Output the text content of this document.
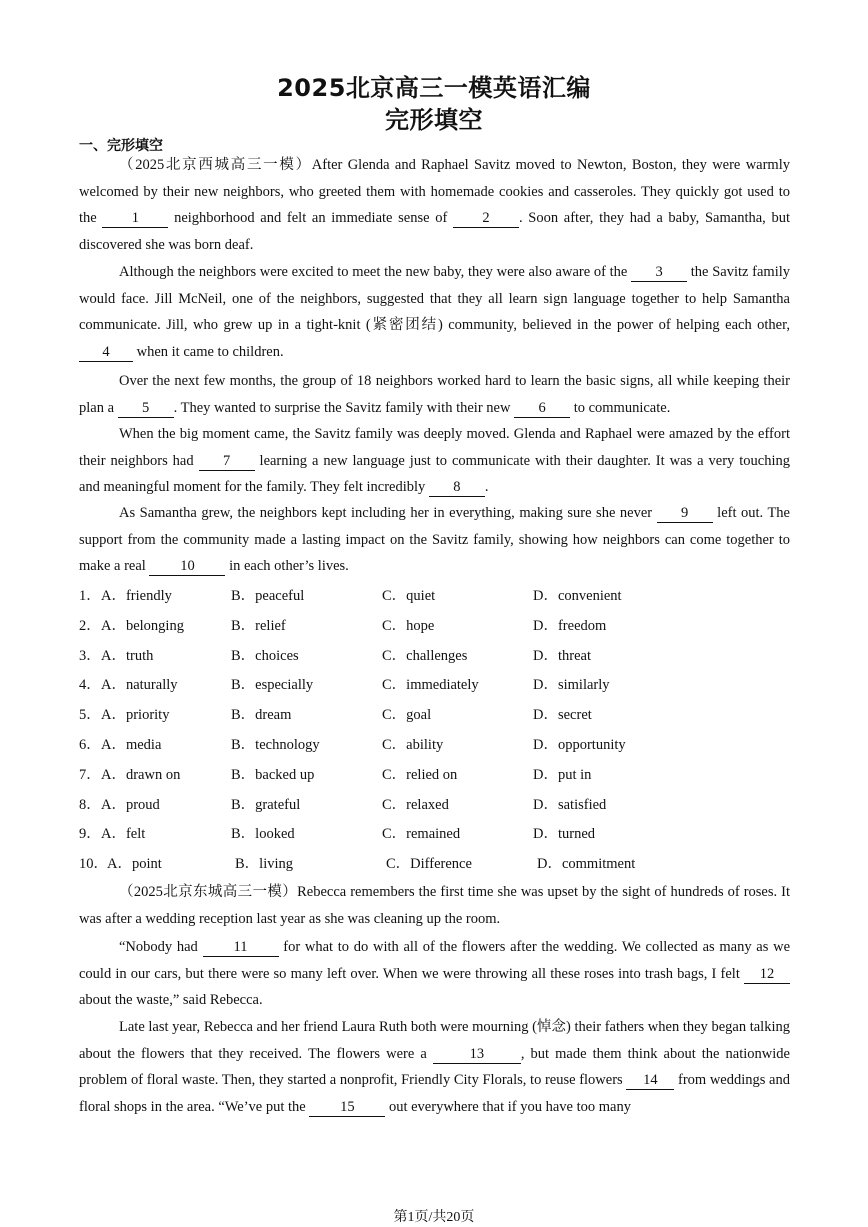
2025北京高三一模英语汇编
完形填空
一、完形填空

（2025北京西城高三一模）After Glenda and Raphael Savitz moved to Newton, Boston, they were warmly welcomed by their new neighbors, who greeted them with homemade cookies and casseroles. They quickly got used to the 1 neighborhood and felt an immediate sense of 2 . Soon after, they had a baby, Samantha, but discovered she was born deaf.

Although the neighbors were excited to meet the new baby, they were also aware of the 3 the Savitz family would face. Jill McNeil, one of the neighbors, suggested that they all learn sign language together to help Samantha communicate. Jill, who grew up in a tight-knit (紧密团结) community, believed in the power of helping each other, 4 when it came to children.

Over the next few months, the group of 18 neighbors worked hard to learn the basic signs, all while keeping their plan a 5 . They wanted to surprise the Savitz family with their new 6 to communicate.

When the big moment came, the Savitz family was deeply moved. Glenda and Raphael were amazed by the effort their neighbors had 7 learning a new language just to communicate with their daughter. It was a very touching and meaningful moment for the family. They felt incredibly 8 .

As Samantha grew, the neighbors kept including her in everything, making sure she never 9 left out. The support from the community made a lasting impact on the Savitz family, showing how neighbors can come together to make a real 10 in each other’s lives.

1． A．friendly	B．peaceful	C．quiet	D．convenient
2． A．belonging	B．relief	C．hope	D．freedom
3． A．truth	B．choices	C．challenges	D．threat
4． A．naturally	B．especially	C．immediately	D．similarly
5． A．priority	B．dream	C．goal	D．secret
6． A．media	B．technology	C．ability	D．opportunity
7． A．drawn on	B．backed up	C．relied on	D．put in
8． A．proud	B．grateful	C．relaxed	D．satisfied
9． A．felt	B．looked	C．remained	D．turned
10． A．point	B．living	C．Difference	D．commitment

（2025北京东城高三一模）Rebecca remembers the first time she was upset by the sight of hundreds of roses. It was after a wedding reception last year as she was cleaning up the room.

“Nobody had 11 for what to do with all of the flowers after the wedding. We collected as many as we could in our cars, but there were so many left over. When we were throwing all these roses into trash bags, I felt 12 about the waste,” said Rebecca.

Late last year, Rebecca and her friend Laura Ruth both were mourning (悼念) their fathers when they began talking about the flowers that they received. The flowers were a	13	, but made them think about the nationwide problem of floral waste. Then, they started a nonprofit, Friendly City Florals, to reuse flowers 14 from weddings and floral shops in the area. “We’ve put the 15 out everywhere that if you have too many

第1页/共20页
